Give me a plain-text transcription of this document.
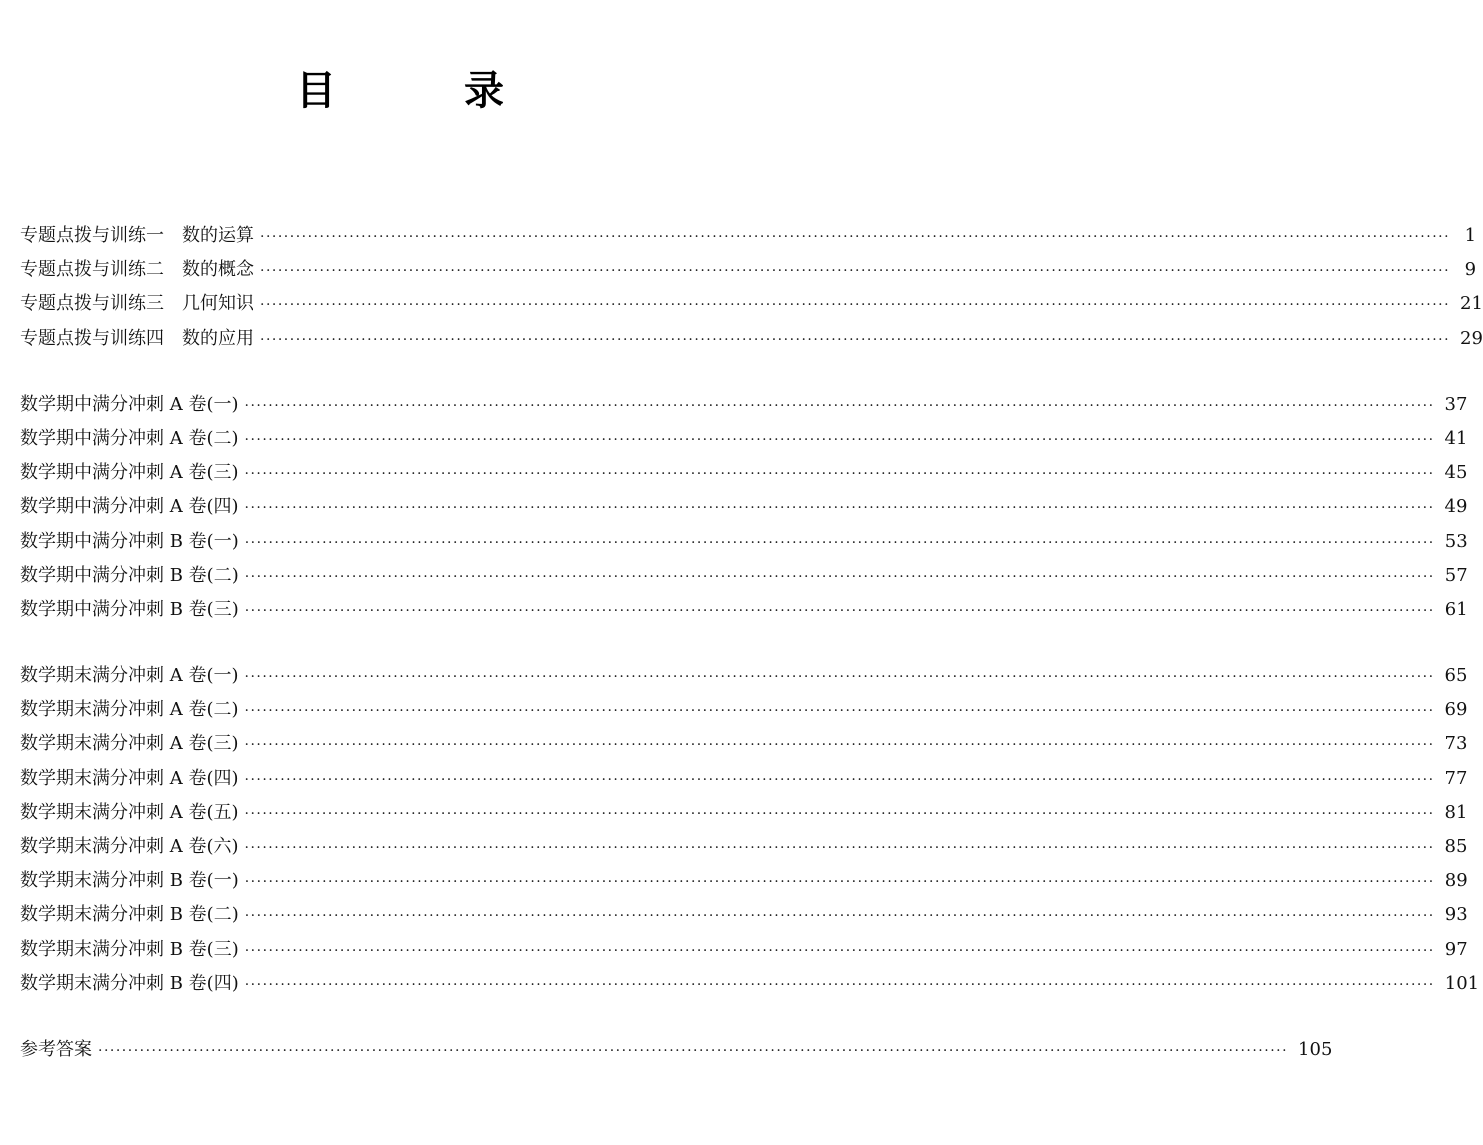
目　录
专题点拨与训练一　数的运算 ········································································································································································································ 1
专题点拨与训练二　数的概念 ········································································································································································································ 9
专题点拨与训练三　几何知识 ········································································································································································································ 21
专题点拨与训练四　数的应用 ········································································································································································································ 29
数学期中满分冲刺 A 卷(一) ········································································································································································································ 37
数学期中满分冲刺 A 卷(二) ········································································································································································································ 41
数学期中满分冲刺 A 卷(三) ········································································································································································································ 45
数学期中满分冲刺 A 卷(四) ········································································································································································································ 49
数学期中满分冲刺 B 卷(一) ········································································································································································································ 53
数学期中满分冲刺 B 卷(二) ········································································································································································································ 57
数学期中满分冲刺 B 卷(三) ········································································································································································································ 61
数学期末满分冲刺 A 卷(一) ········································································································································································································ 65
数学期末满分冲刺 A 卷(二) ········································································································································································································ 69
数学期末满分冲刺 A 卷(三) ········································································································································································································ 73
数学期末满分冲刺 A 卷(四) ········································································································································································································ 77
数学期末满分冲刺 A 卷(五) ········································································································································································································ 81
数学期末满分冲刺 A 卷(六) ········································································································································································································ 85
数学期末满分冲刺 B 卷(一) ········································································································································································································ 89
数学期末满分冲刺 B 卷(二) ········································································································································································································ 93
数学期末满分冲刺 B 卷(三) ········································································································································································································ 97
数学期末满分冲刺 B 卷(四) ········································································································································································································ 101
参考答案 ········································································································································································································ 105
